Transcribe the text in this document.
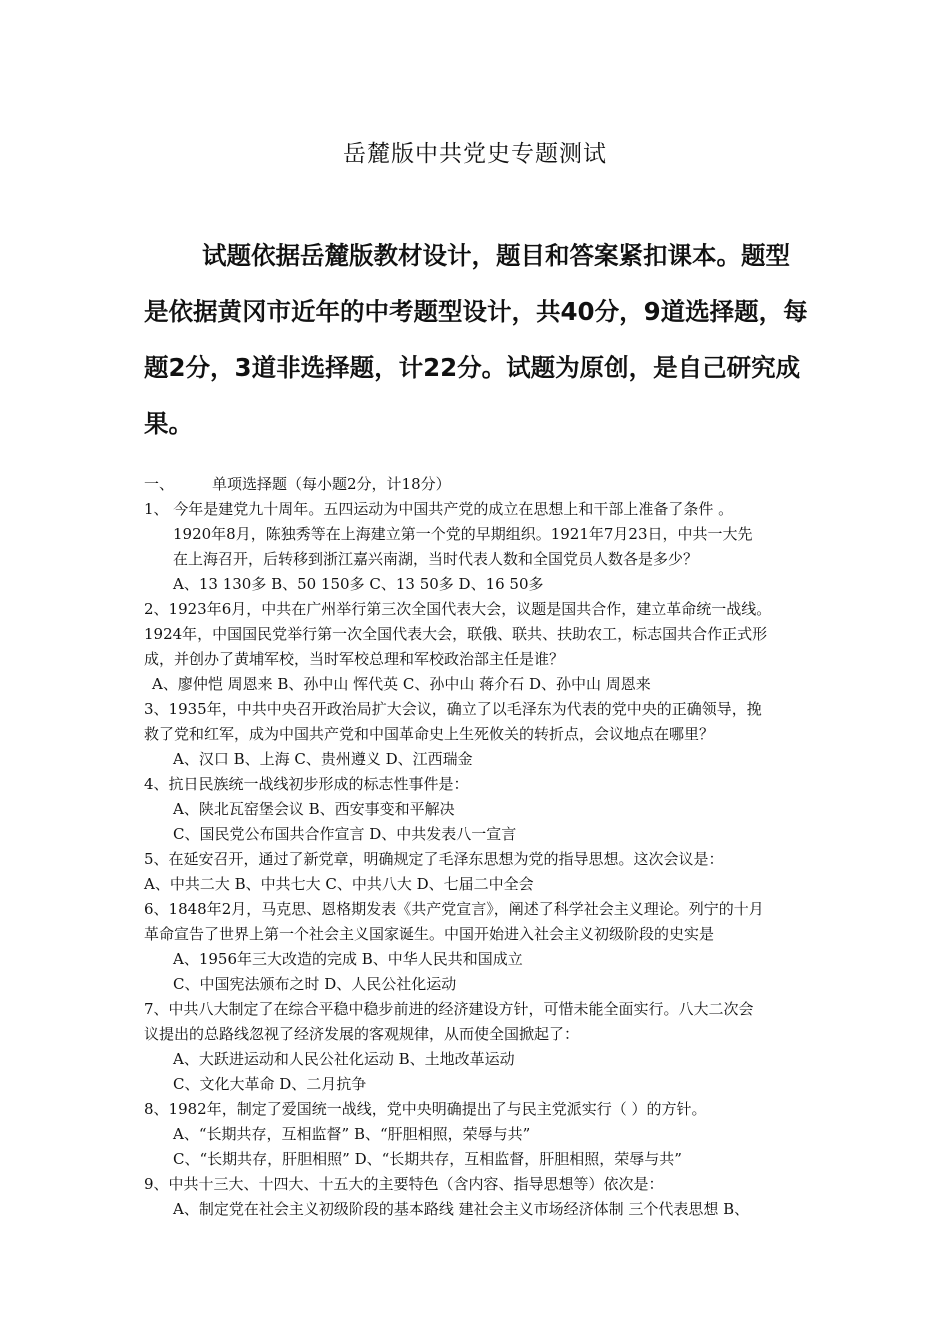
岳麓版中共党史专题测试

试题依据岳麓版教材设计，题目和答案紧扣课本。题型是依据黄冈市近年的中考题型设计，共40分，9道选择题，每题2分，3道非选择题，计22分。试题为原创，是自己研究成果。

一、	单项选择题（每小题2分，计18分）
1、 今年是建党九十周年。五四运动为中国共产党的成立在思想上和干部上准备了条件 。
1920年8月，陈独秀等在上海建立第一个党的早期组织。1921年7月23日，中共一大先
在上海召开，后转移到浙江嘉兴南湖，当时代表人数和全国党员人数各是多少？
A、13 130多 B、50 150多 C、13 50多 D、16 50多
2、1923年6月，中共在广州举行第三次全国代表大会，议题是国共合作，建立革命统一战线。
1924年，中国国民党举行第一次全国代表大会，联俄、联共、扶助农工，标志国共合作正式形
成，并创办了黄埔军校，当时军校总理和军校政治部主任是谁？
A、廖仲恺 周恩来 B、孙中山 恽代英 C、孙中山 蒋介石 D、孙中山 周恩来
3、1935年，中共中央召开政治局扩大会议，确立了以毛泽东为代表的党中央的正确领导，挽
救了党和红军，成为中国共产党和中国革命史上生死攸关的转折点，会议地点在哪里？
A、汉口 B、上海 C、贵州遵义 D、江西瑞金
4、抗日民族统一战线初步形成的标志性事件是：
A、陕北瓦窑堡会议 B、西安事变和平解决
C、国民党公布国共合作宣言 D、中共发表八一宣言
5、在延安召开，通过了新党章，明确规定了毛泽东思想为党的指导思想。这次会议是：
A、中共二大 B、中共七大 C、中共八大 D、七届二中全会
6、1848年2月，马克思、恩格期发表《共产党宣言》，阐述了科学社会主义理论。列宁的十月
革命宣告了世界上第一个社会主义国家诞生。中国开始进入社会主义初级阶段的史实是
A、1956年三大改造的完成 B、中华人民共和国成立
C、中国宪法颁布之时 D、人民公社化运动
7、中共八大制定了在综合平稳中稳步前进的经济建设方针，可惜未能全面实行。八大二次会
议提出的总路线忽视了经济发展的客观规律，从而使全国掀起了：
A、大跃进运动和人民公社化运动 B、土地改革运动
C、文化大革命 D、二月抗争
8、1982年，制定了爱国统一战线，党中央明确提出了与民主党派实行（ ）的方针。
A、“长期共存，互相监督” B、“肝胆相照，荣辱与共”
C、“长期共存，肝胆相照” D、“长期共存，互相监督，肝胆相照，荣辱与共”
9、中共十三大、十四大、十五大的主要特色（含内容、指导思想等）依次是：
A、制定党在社会主义初级阶段的基本路线 建社会主义市场经济体制 三个代表思想 B、
